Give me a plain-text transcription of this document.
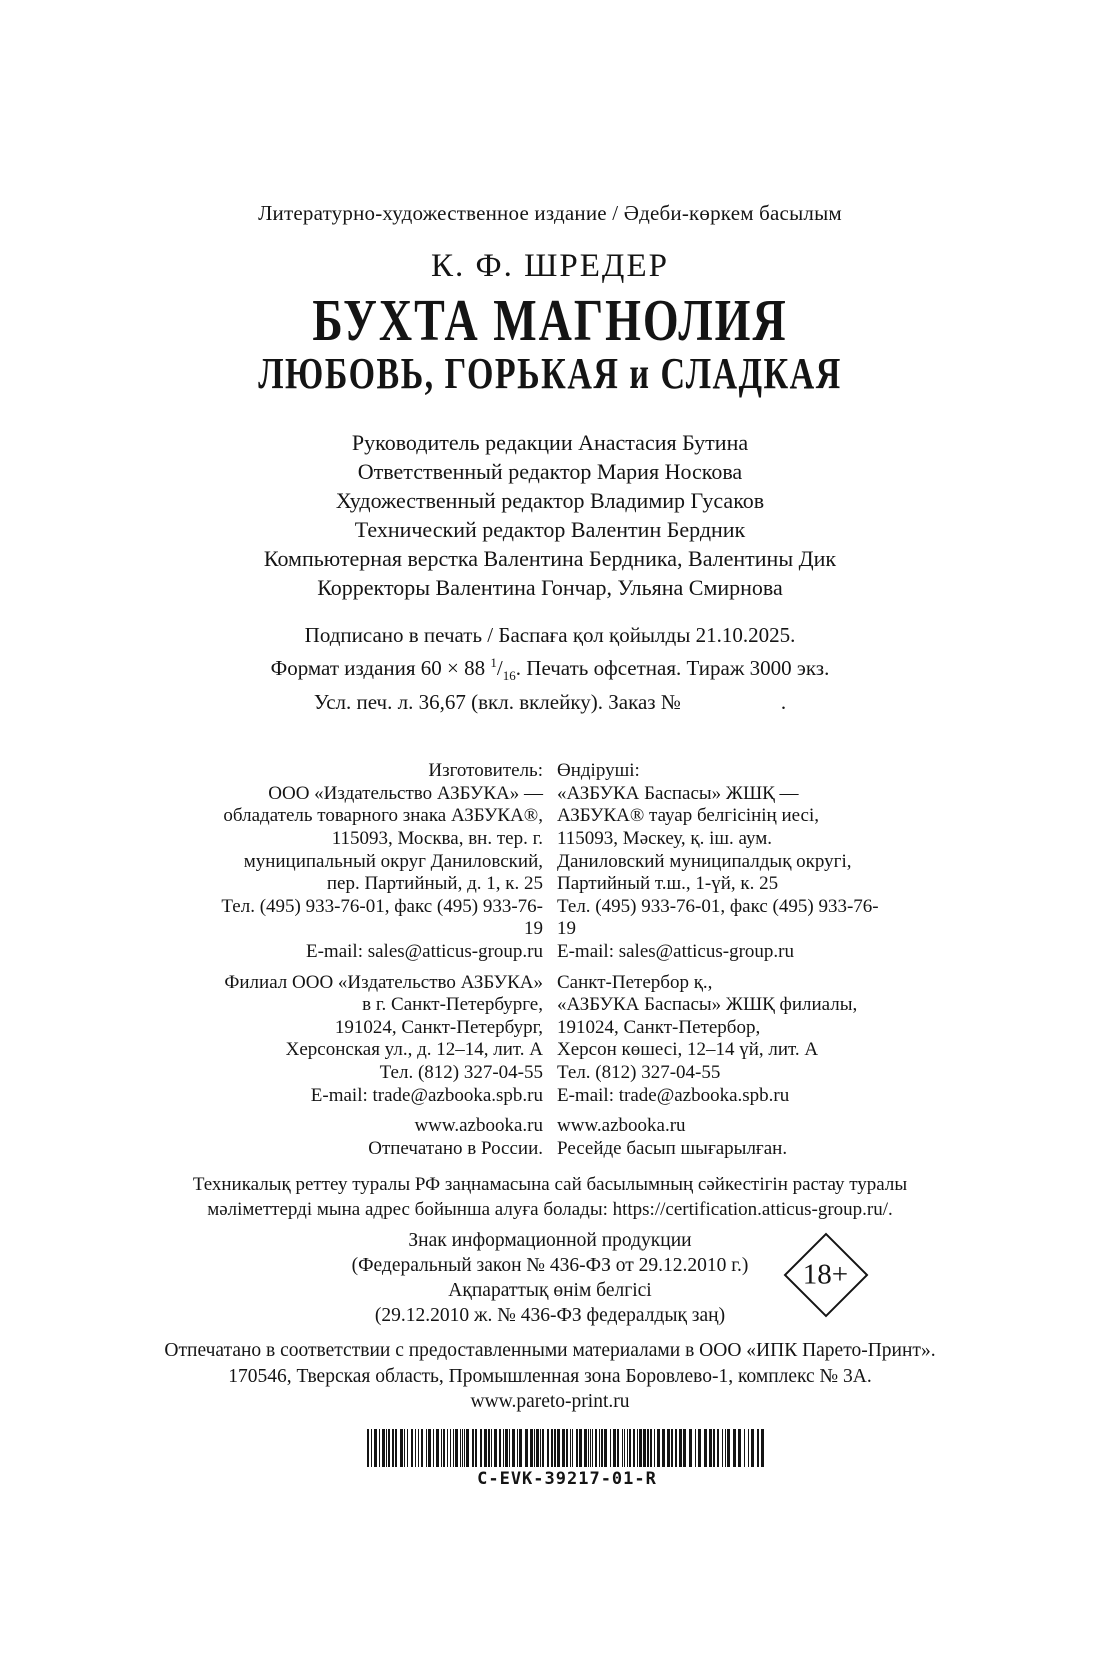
Литературно-художественное издание / Әдеби-көркем басылым
К. Ф. ШРЕДЕР
БУХТА МАГНОЛИЯ
ЛЮБОВЬ, ГОРЬКАЯ и СЛАДКАЯ
Руководитель редакции Анастасия Бутина
Ответственный редактор Мария Носкова
Художественный редактор Владимир Гусаков
Технический редактор Валентин Бердник
Компьютерная верстка Валентина Бердника, Валентины Дик
Корректоры Валентина Гончар, Ульяна Смирнова
Подписано в печать / Баспаға қол қойылды 21.10.2025.
Формат издания 60 × 88 $^1/_{16}$. Печать офсетная. Тираж 3000 экз.
Усл. печ. л. 36,67 (вкл. вклейку). Заказ №	.
Изготовитель:
ООО «Издательство АЗБУКА» —
обладатель товарного знака АЗБУКА®,
115093, Москва, вн. тер. г.
муниципальный округ Даниловский,
пер. Партийный, д. 1, к. 25
Тел. (495) 933-76-01, факс (495) 933-76-19
E-mail: sales@atticus-group.ru
Филиал ООО «Издательство АЗБУКА»
в г. Санкт-Петербурге,
191024, Санкт-Петербург,
Херсонская ул., д. 12–14, лит. А
Тел. (812) 327-04-55
E-mail: trade@azbooka.spb.ru
www.azbooka.ru
Отпечатано в России.
Өндіруші:
«АЗБУКА Баспасы» ЖШҚ —
АЗБУКА® тауар белгісінің иесі,
115093, Мәскеу, қ. іш. аум.
Даниловский муниципалдық округі,
Партийный т.ш., 1-үй, к. 25
Тел. (495) 933-76-01, факс (495) 933-76-19
E-mail: sales@atticus-group.ru
Санкт-Петербор қ.,
«АЗБУКА Баспасы» ЖШҚ филиалы,
191024, Санкт-Петербор,
Херсон көшесі, 12–14 үй, лит. А
Тел. (812) 327-04-55
E-mail: trade@azbooka.spb.ru
www.azbooka.ru
Ресейде басып шығарылған.
Техникалық реттеу туралы РФ заңнамасына сай басылымның сәйкестігін растау туралы
мәліметтерді мына адрес бойынша алуға болады: https://certification.atticus-group.ru/.
Знак информационной продукции
(Федеральный закон № 436-ФЗ от 29.12.2010 г.)
Ақпараттық өнім белгісі
(29.12.2010 ж. № 436-ФЗ федералдық заң)
18+
Отпечатано в соответствии с предоставленными материалами в ООО «ИПК Парето-Принт».
170546, Тверская область, Промышленная зона Боровлево-1, комплекс № 3А.
www.pareto-print.ru
C-EVK-39217-01-R
